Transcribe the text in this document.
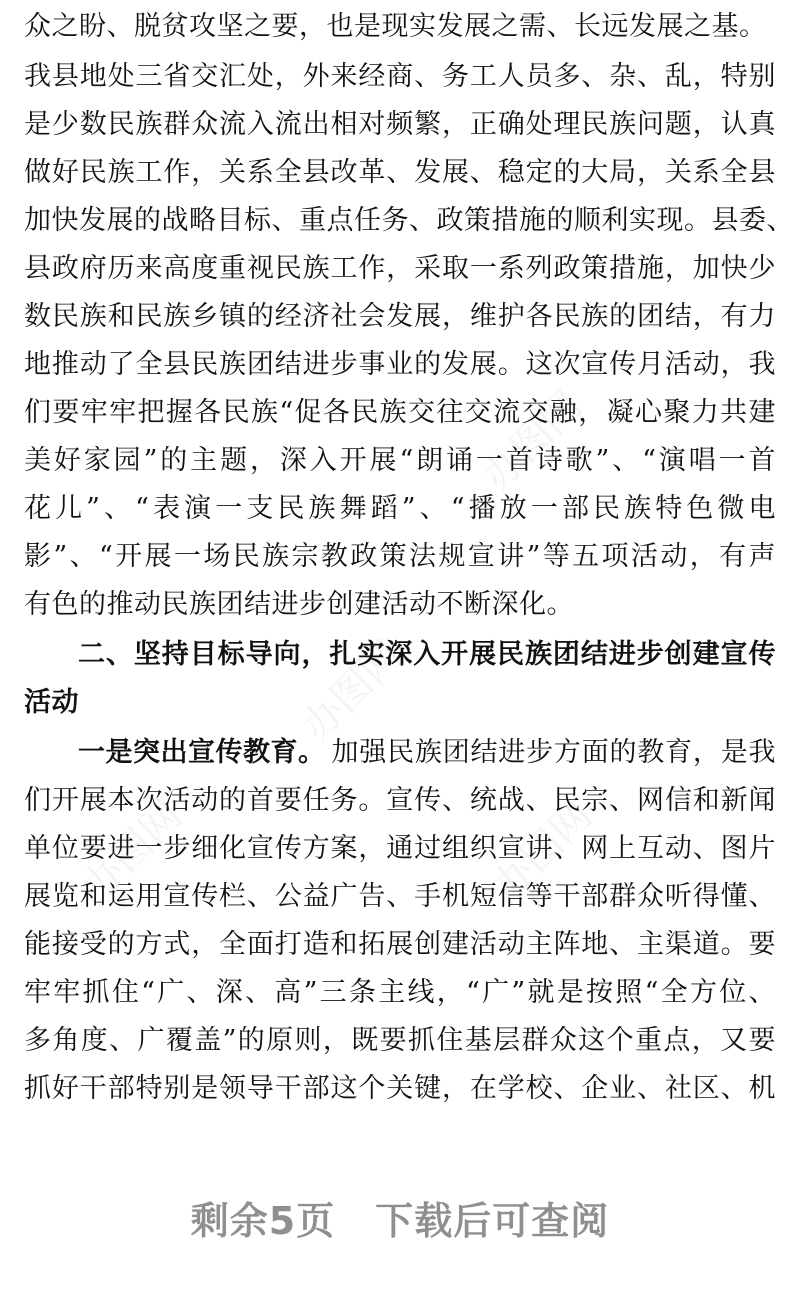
办图网
办图网
办图网	办图网
众之盼、脱贫攻坚之要，也是现实发展之需、长远发展之基。
我县地处三省交汇处，外来经商、务工人员多、杂、乱，特别
是少数民族群众流入流出相对频繁，正确处理民族问题，认真
做好民族工作，关系全县改革、发展、稳定的大局，关系全县
加快发展的战略目标、重点任务、政策措施的顺利实现。县委、
县政府历来高度重视民族工作，采取一系列政策措施，加快少
数民族和民族乡镇的经济社会发展，维护各民族的团结，有力
地推动了全县民族团结进步事业的发展。这次宣传月活动，我
们要牢牢把握各民族“促各民族交往交流交融，凝心聚力共建
美好家园”的主题，深入开展“朗诵一首诗歌”、“演唱一首
花儿”、“表演一支民族舞蹈”、“播放一部民族特色微电
影”、“开展一场民族宗教政策法规宣讲”等五项活动，有声
有色的推动民族团结进步创建活动不断深化。
二、坚持目标导向，扎实深入开展民族团结进步创建宣传
活动
一是突出宣传教育。 加强民族团结进步方面的教育，是我
们开展本次活动的首要任务。宣传、统战、民宗、网信和新闻
单位要进一步细化宣传方案，通过组织宣讲、网上互动、图片
展览和运用宣传栏、公益广告、手机短信等干部群众听得懂、
能接受的方式，全面打造和拓展创建活动主阵地、主渠道。要
牢牢抓住“广、深、高”三条主线，“广”就是按照“全方位、
多角度、广覆盖”的原则，既要抓住基层群众这个重点，又要
抓好干部特别是领导干部这个关键，在学校、企业、社区、机
剩余5页 下载后可查阅
